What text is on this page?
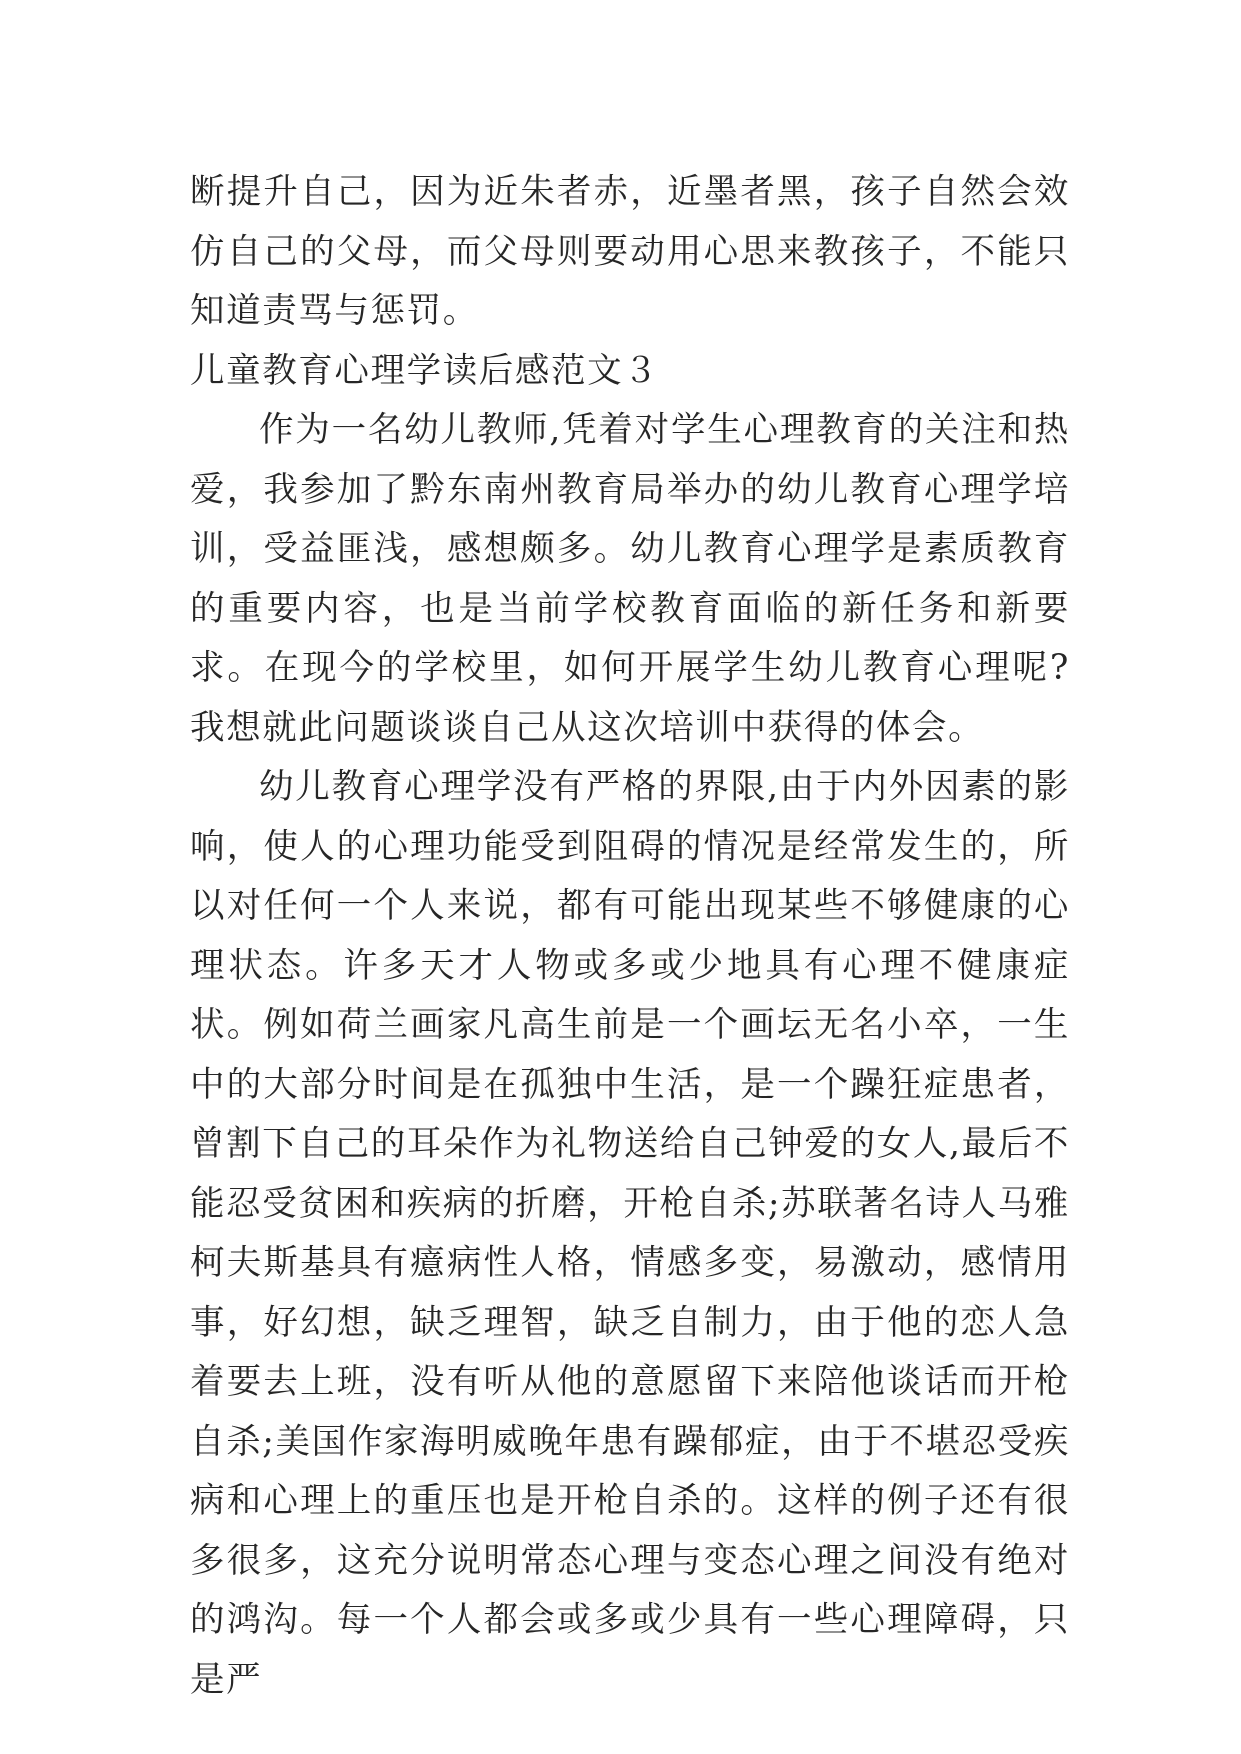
断提升自己，因为近朱者赤，近墨者黑，孩子自然会效仿自己的父母，而父母则要动用心思来教孩子，不能只知道责骂与惩罚。

儿童教育心理学读后感范文３

作为一名幼儿教师,凭着对学生心理教育的关注和热爱，我参加了黔东南州教育局举办的幼儿教育心理学培训，受益匪浅，感想颇多。幼儿教育心理学是素质教育的重要内容，也是当前学校教育面临的新任务和新要求。在现今的学校里，如何开展学生幼儿教育心理呢?我想就此问题谈谈自己从这次培训中获得的体会。

幼儿教育心理学没有严格的界限,由于内外因素的影响，使人的心理功能受到阻碍的情况是经常发生的，所以对任何一个人来说，都有可能出现某些不够健康的心理状态。许多天才人物或多或少地具有心理不健康症状。例如荷兰画家凡高生前是一个画坛无名小卒，一生中的大部分时间是在孤独中生活，是一个躁狂症患者，曾割下自己的耳朵作为礼物送给自己钟爱的女人,最后不能忍受贫困和疾病的折磨，开枪自杀;苏联著名诗人马雅柯夫斯基具有癔病性人格，情感多变，易激动，感情用事，好幻想，缺乏理智，缺乏自制力，由于他的恋人急着要去上班，没有听从他的意愿留下来陪他谈话而开枪自杀;美国作家海明威晚年患有躁郁症，由于不堪忍受疾病和心理上的重压也是开枪自杀的。这样的例子还有很多很多，这充分说明常态心理与变态心理之间没有绝对的鸿沟。每一个人都会或多或少具有一些心理障碍，只是严
